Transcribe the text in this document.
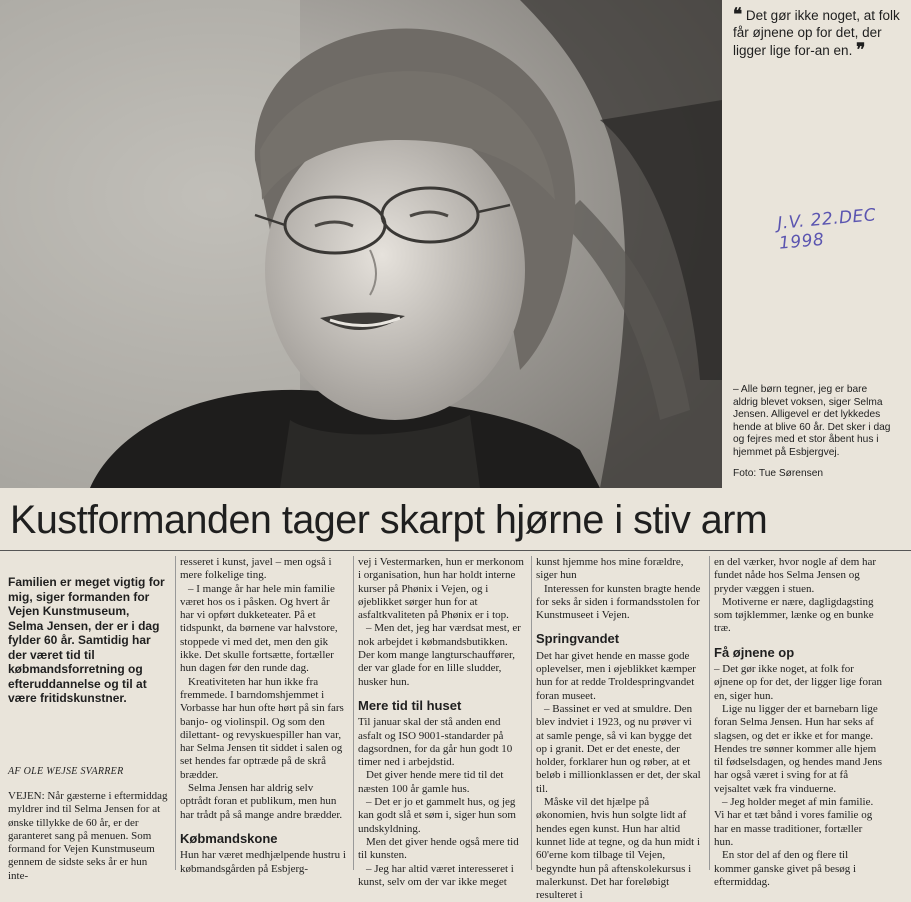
❝ Det gør ikke noget, at folk får øjnene op for det, der ligger lige for-an en. ❞
J.V. 22.DEC 1998
– Alle børn tegner, jeg er bare aldrig blevet voksen, siger Selma Jensen. Alligevel er det lykkedes hende at blive 60 år. Det sker i dag og fejres med et stor åbent hus i hjemmet på Esbjergvej.
Foto: Tue Sørensen
Kustformanden tager skarpt hjørne i stiv arm
Familien er meget vigtig for mig, siger formanden for Vejen Kunstmuseum, Selma Jensen, der er i dag fylder 60 år. Samtidig har der været tid til købmandsforretning og efteruddannelse og til at være fritidskunstner.
AF OLE WEJSE SVARRER

VEJEN: Når gæsterne i eftermiddag myldrer ind til Selma Jensen for at ønske tillykke de 60 år, er der garanteret sang på menuen. Som formand for Vejen Kunstmuseum gennem de sidste seks år er hun inte-

resseret i kunst, javel – men også i mere folkelige ting.

– I mange år har hele min familie været hos os i påsken. Og hvert år har vi opført dukketeater. På et tidspunkt, da børnene var halvstore, stoppede vi med det, men den gik ikke. Det skulle fortsætte, fortæller hun dagen før den runde dag.

Kreativiteten har hun ikke fra fremmede. I barndomshjemmet i Vorbasse har hun ofte hørt på sin fars banjo- og violinspil. Og som den dilettant- og revyskuespiller han var, har Selma Jensen tit siddet i salen og set hendes far optræde på de skrå brædder.

Selma Jensen har aldrig selv optrådt foran et publikum, men hun har trådt på så mange andre brædder.

Købmandskone

Hun har været medhjælpende hustru i købmandsgården på Esbjerg-

vej i Vestermarken, hun er merkonom i organisation, hun har holdt interne kurser på Phønix i Vejen, og i øjeblikket sørger hun for at asfaltkvaliteten på Phønix er i top.

– Men det, jeg har værdsat mest, er nok arbejdet i købmandsbutikken. Der kom mange langturschauffører, der var glade for en lille sludder, husker hun.

Mere tid til huset

Til januar skal der stå anden end asfalt og ISO 9001-standarder på dagsordnen, for da går hun godt 10 timer ned i arbejdstid.

Det giver hende mere tid til det næsten 100 år gamle hus.

– Det er jo et gammelt hus, og jeg kan godt slå et søm i, siger hun som undskyldning.

Men det giver hende også mere tid til kunsten.

– Jeg har altid været interesseret i kunst, selv om der var ikke meget

kunst hjemme hos mine forældre, siger hun

Interessen for kunsten bragte hende for seks år siden i formandsstolen for Kunstmuseet i Vejen.

Springvandet

Det har givet hende en masse gode oplevelser, men i øjeblikket kæmper hun for at redde Troldespringvandet foran museet.

– Bassinet er ved at smuldre. Den blev indviet i 1923, og nu prøver vi at samle penge, så vi kan bygge det op i granit. Det er det eneste, der holder, forklarer hun og røber, at et beløb i millionklassen er det, der skal til.

Måske vil det hjælpe på økonomien, hvis hun solgte lidt af hendes egen kunst. Hun har altid kunnet lide at tegne, og da hun midt i 60'erne kom tilbage til Vejen, begyndte hun på aftenskolekursus i malerkunst. Det har foreløbigt resulteret i

en del værker, hvor nogle af dem har fundet nåde hos Selma Jensen og pryder væggen i stuen.

Motiverne er nære, dagligdagsting som tøjklemmer, lænke og en bunke træ.

Få øjnene op

– Det gør ikke noget, at folk for øjnene op for det, der ligger lige foran en, siger hun.

Lige nu ligger der et barnebarn lige foran Selma Jensen. Hun har seks af slagsen, og det er ikke et for mange. Hendes tre sønner kommer alle hjem til fødselsdagen, og hendes mand Jens har også været i sving for at få vejsaltet væk fra vinduerne.

– Jeg holder meget af min familie. Vi har et tæt bånd i vores familie og har en masse traditioner, fortæller hun.

En stor del af den og flere til kommer ganske givet på besøg i eftermiddag.
